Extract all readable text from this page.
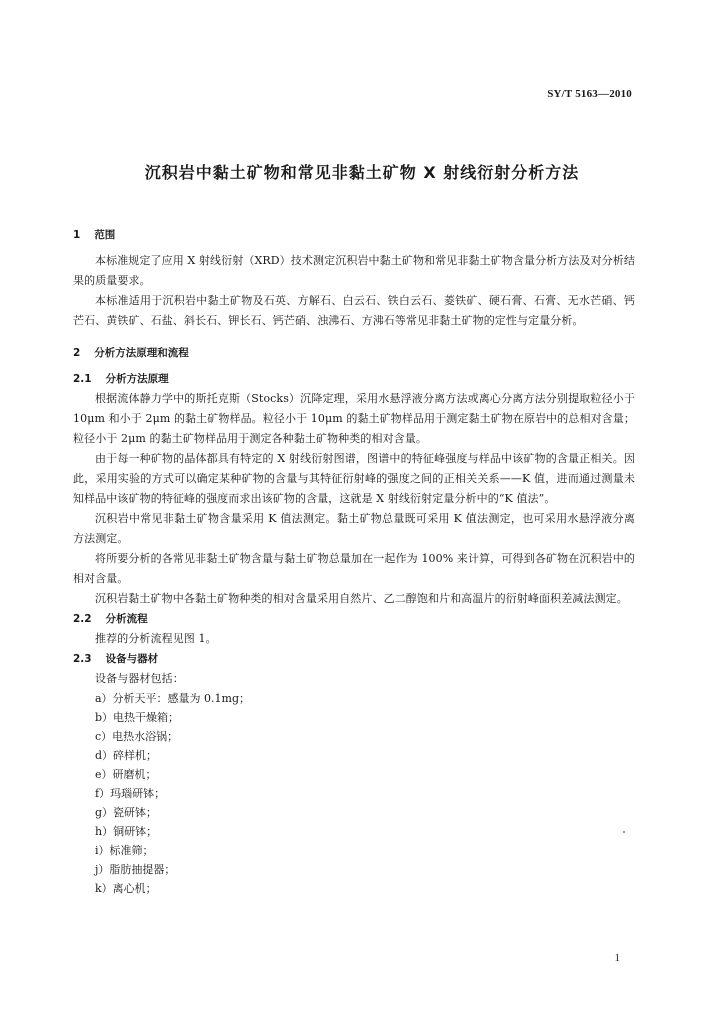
SY/T 5163—2010
沉积岩中黏土矿物和常见非黏土矿物 X 射线衍射分析方法
1 范围

本标准规定了应用 X 射线衍射（XRD）技术测定沉积岩中黏土矿物和常见非黏土矿物含量分析方法及对分析结果的质量要求。

本标准适用于沉积岩中黏土矿物及石英、方解石、白云石、铁白云石、菱铁矿、硬石膏、石膏、无水芒硝、钙芒石、黄铁矿、石盐、斜长石、钾长石、钙芒硝、浊沸石、方沸石等常见非黏土矿物的定性与定量分析。

2 分析方法原理和流程
2.1 分析方法原理

根据流体静力学中的斯托克斯（Stocks）沉降定理，采用水悬浮液分离方法或离心分离方法分别提取粒径小于 10μm 和小于 2μm 的黏土矿物样品。粒径小于 10μm 的黏土矿物样品用于测定黏土矿物在原岩中的总相对含量；粒径小于 2μm 的黏土矿物样品用于测定各种黏土矿物种类的相对含量。

由于每一种矿物的晶体都具有特定的 X 射线衍射图谱，图谱中的特征峰强度与样品中该矿物的含量正相关。因此，采用实验的方式可以确定某种矿物的含量与其特征衍射峰的强度之间的正相关关系——K 值，进而通过测量未知样品中该矿物的特征峰的强度而求出该矿物的含量，这就是 X 射线衍射定量分析中的“K 值法”。

沉积岩中常见非黏土矿物含量采用 K 值法测定。黏土矿物总量既可采用 K 值法测定，也可采用水悬浮液分离方法测定。

将所要分析的各常见非黏土矿物含量与黏土矿物总量加在一起作为 100% 来计算，可得到各矿物在沉积岩中的相对含量。

沉积岩黏土矿物中各黏土矿物种类的相对含量采用自然片、乙二醇饱和片和高温片的衍射峰面积差减法测定。

2.2 分析流程

推荐的分析流程见图 1。

2.3 设备与器材

设备与器材包括：

a）分析天平：感量为 0.1mg；
b）电热干燥箱；
c）电热水浴锅；
d）碎样机；
e）研磨机；
f）玛瑙研钵；
g）瓷研钵；
h）铜研钵；
i）标准筛；
j）脂肪抽提器；
k）离心机；
1
